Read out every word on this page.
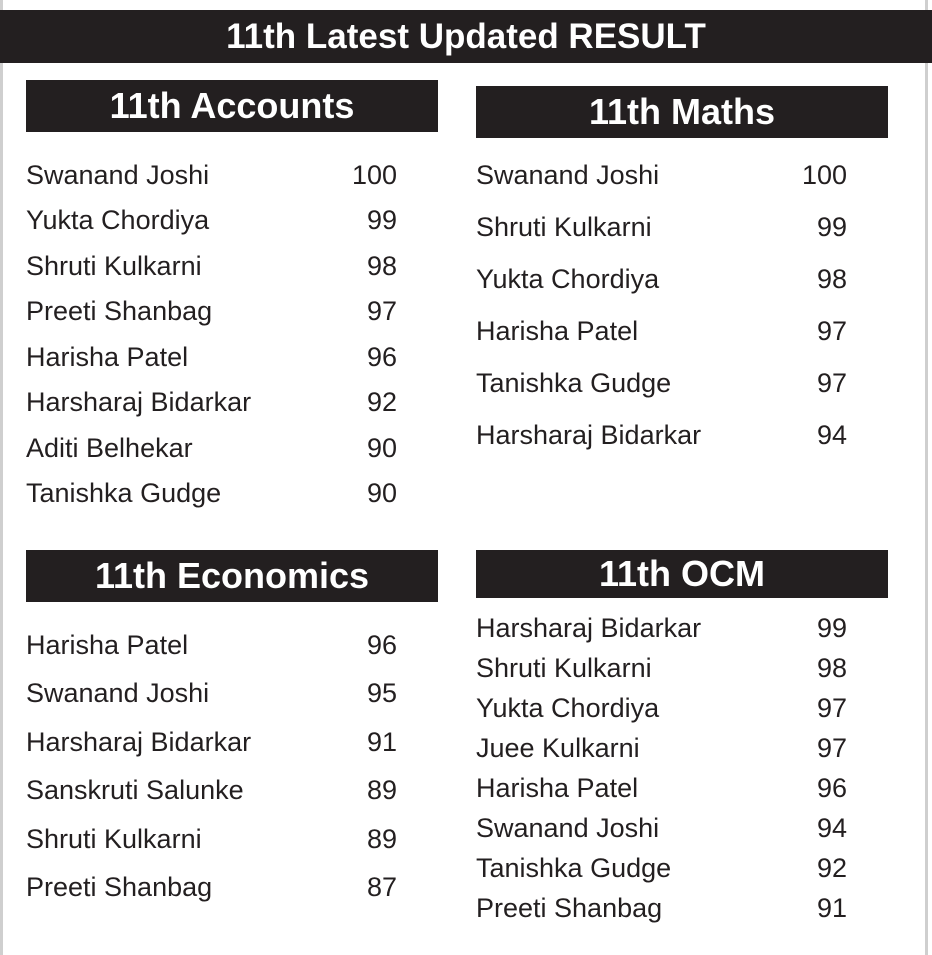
11th Latest Updated RESULT
11th Accounts
Swanand Joshi	100
Yukta Chordiya	99
Shruti Kulkarni	98
Preeti Shanbag	97
Harisha Patel	96
Harsharaj Bidarkar	92
Aditi Belhekar	90
Tanishka Gudge	90
11th Maths
Swanand Joshi	100
Shruti Kulkarni	99
Yukta Chordiya	98
Harisha Patel	97
Tanishka Gudge	97
Harsharaj Bidarkar	94
11th Economics
Harisha Patel	96
Swanand Joshi	95
Harsharaj Bidarkar	91
Sanskruti Salunke	89
Shruti Kulkarni	89
Preeti Shanbag	87
11th OCM
Harsharaj Bidarkar	99
Shruti Kulkarni	98
Yukta Chordiya	97
Juee Kulkarni	97
Harisha Patel	96
Swanand Joshi	94
Tanishka Gudge	92
Preeti Shanbag	91
